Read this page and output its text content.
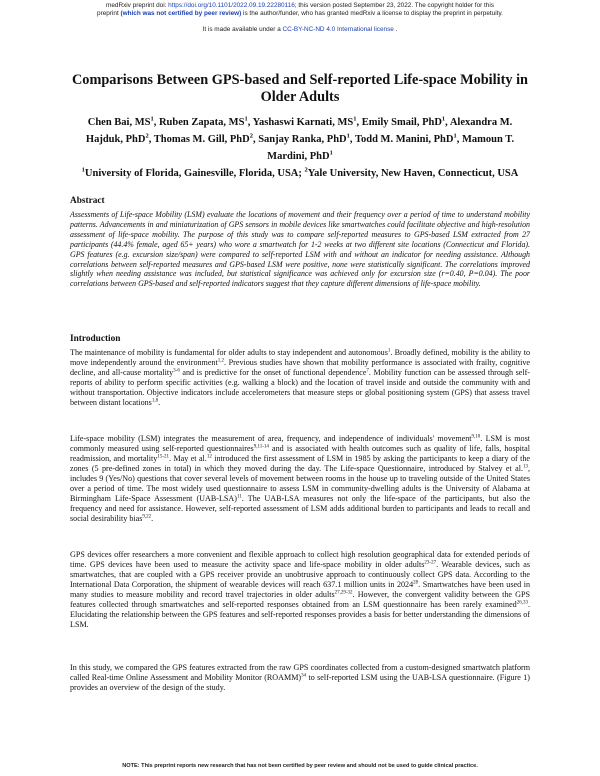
medRxiv preprint doi: https://doi.org/10.1101/2022.09.19.22280116; this version posted September 23, 2022. The copyright holder for this
preprint (which was not certified by peer review) is the author/funder, who has granted medRxiv a license to display the preprint in perpetuity.
It is made available under a CC-BY-NC-ND 4.0 International license .
Comparisons Between GPS-based and Self-reported Life-space Mobility in Older Adults
Chen Bai, $MS^1$, Ruben Zapata, $MS^1$, Yashaswi Karnati, $MS^1$, Emily Smail, PhD$^1$, Alexandra M. Hajduk, PhD$^2$, Thomas M. Gill, PhD$^2$, Sanjay Ranka, PhD$^1$, Todd M. Manini, PhD$^1$, Mamoun T. Mardini, PhD$^1$
$^1$University of Florida, Gainesville, Florida, USA; $^2$Yale University, New Haven, Connecticut, USA
Abstract
Assessments of Life-space Mobility (LSM) evaluate the locations of movement and their frequency over a period of time to understand mobility patterns. Advancements in and miniaturization of GPS sensors in mobile devices like smartwatches could facilitate objective and high-resolution assessment of life-space mobility. The purpose of this study was to compare self-reported measures to GPS-based LSM extracted from 27 participants (44.4% female, aged 65+ years) who wore a smartwatch for 1-2 weeks at two different site locations (Connecticut and Florida). GPS features (e.g. excursion size/span) were compared to self-reported LSM with and without an indicator for needing assistance. Although correlations between self-reported measures and GPS-based LSM were positive, none were statistically significant. The correlations improved slightly when needing assistance was included, but statistical significance was achieved only for excursion size (r=0.40, P=0.04). The poor correlations between GPS-based and self-reported indicators suggest that they capture different dimensions of life-space mobility.
Introduction
The maintenance of mobility is fundamental for older adults to stay independent and autonomous$^1$. Broadly defined, mobility is the ability to move independently around the environment$^{1,2}$. Previous studies have shown that mobility performance is associated with frailty, cognitive decline, and all-cause mortality$^{3-6}$ and is predictive for the onset of functional dependence$^7$. Mobility function can be assessed through self-reports of ability to perform specific activities (e.g. walking a block) and the location of travel inside and outside the community with and without transportation. Objective indicators include accelerometers that measure steps or global positioning system (GPS) that assess travel between distant locations$^{1,8}$.
Life-space mobility (LSM) integrates the measurement of area, frequency, and independence of individuals' movement$^{9,10}$. LSM is most commonly measured using self-reported questionnaires$^{9,11-14}$ and is associated with health outcomes such as quality of life, falls, hospital readmission, and mortality$^{15-21}$. May et al.$^{12}$ introduced the first assessment of LSM in 1985 by asking the participants to keep a diary of the zones (5 pre-defined zones in total) in which they moved during the day. The Life-space Questionnaire, introduced by Stalvey et al.$^{13}$, includes 9 (Yes/No) questions that cover several levels of movement between rooms in the house up to traveling outside of the United States over a period of time. The most widely used questionnaire to assess LSM in community-dwelling adults is the University of Alabama at Birmingham Life-Space Assessment $(UAB-LSA)^{11}$. The UAB-LSA measures not only the life-space of the participants, but also the frequency and need for assistance. However, self-reported assessment of LSM adds additional burden to participants and leads to recall and social desirability bias$^{9,22}$.
GPS devices offer researchers a more convenient and flexible approach to collect high resolution geographical data for extended periods of time. GPS devices have been used to measure the activity space and life-space mobility in older adults$^{23-27}$. Wearable devices, such as smartwatches, that are coupled with a GPS receiver provide an unobtrusive approach to continuously collect GPS data. According to the International Data Corporation, the shipment of wearable devices will reach 637.1 million units in 2024$^{28}$. Smartwatches have been used in many studies to measure mobility and record travel trajectories in older adults$^{27,29-32}$. However, the convergent validity between the GPS features collected through smartwatches and self-reported responses obtained from an LSM questionnaire has been rarely examined$^{26,33}$. Elucidating the relationship between the GPS features and self-reported responses provides a basis for better understanding the dimensions of LSM.
In this study, we compared the GPS features extracted from the raw GPS coordinates collected from a custom-designed smartwatch platform called Real-time Online Assessment and Mobility Monitor (ROAMM)$^{34}$ to self-reported LSM using the UAB-LSA questionnaire. (Figure 1) provides an overview of the design of the study.
NOTE: This preprint reports new research that has not been certified by peer review and should not be used to guide clinical practice.
